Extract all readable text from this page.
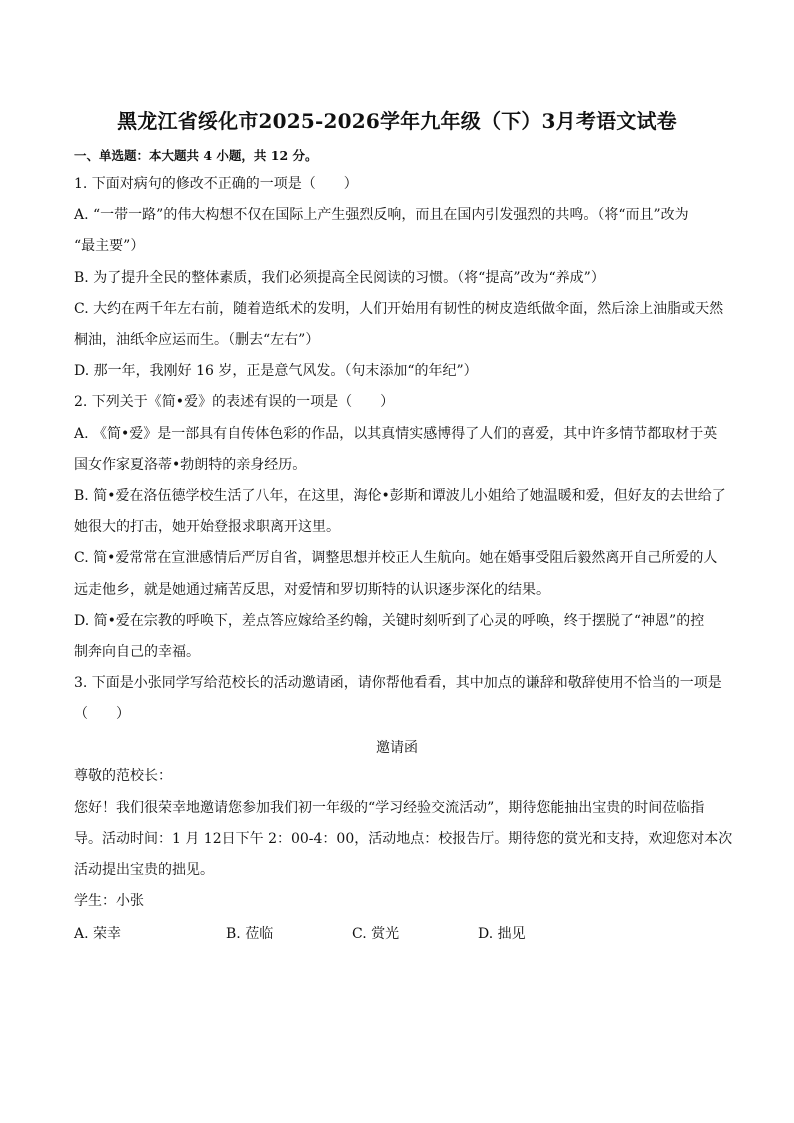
黑龙江省绥化市2025-2026学年九年级（下）3月考语文试卷
一、单选题：本大题共 4 小题，共 12 分。
1. 下面对病句的修改不正确的一项是（　　）
A. “一带一路”的伟大构想不仅在国际上产生强烈反响，而且在国内引发强烈的共鸣。（将“而且”改为
“最主要”）
B. 为了提升全民的整体素质，我们必须提高全民阅读的习惯。（将“提高”改为“养成”）
C. 大约在两千年左右前，随着造纸术的发明，人们开始用有韧性的树皮造纸做伞面，然后涂上油脂或天然
桐油，油纸伞应运而生。（删去“左右”）
D. 那一年，我刚好 16 岁，正是意气风发。（句末添加“的年纪”）
2. 下列关于《简•爱》的表述有误的一项是（　　）
A. 《简•爱》是一部具有自传体色彩的作品，以其真情实感博得了人们的喜爱，其中许多情节都取材于英
国女作家夏洛蒂•勃朗特的亲身经历。
B. 简•爱在洛伍德学校生活了八年，在这里，海伦•彭斯和谭波儿小姐给了她温暖和爱，但好友的去世给了
她很大的打击，她开始登报求职离开这里。
C. 简•爱常常在宣泄感情后严厉自省，调整思想并校正人生航向。她在婚事受阻后毅然离开自己所爱的人
远走他乡，就是她通过痛苦反思，对爱情和罗切斯特的认识逐步深化的结果。
D. 简•爱在宗教的呼唤下，差点答应嫁给圣约翰，关键时刻听到了心灵的呼唤，终于摆脱了“神恩”的控
制奔向自己的幸福。
3. 下面是小张同学写给范校长的活动邀请函，请你帮他看看，其中加点的谦辞和敬辞使用不恰当的一项是
（　　）
邀请函
尊敬的范校长：
您好！我们很荣幸地邀请您参加我们初一年级的“学习经验交流活动”，期待您能抽出宝贵的时间莅临指
导。活动时间：1 月 12日下午 2：00-4：00，活动地点：校报告厅。期待您的赏光和支持，欢迎您对本次
活动提出宝贵的拙见。
学生：小张
A. 荣幸	B. 莅临	C. 赏光	D. 拙见
